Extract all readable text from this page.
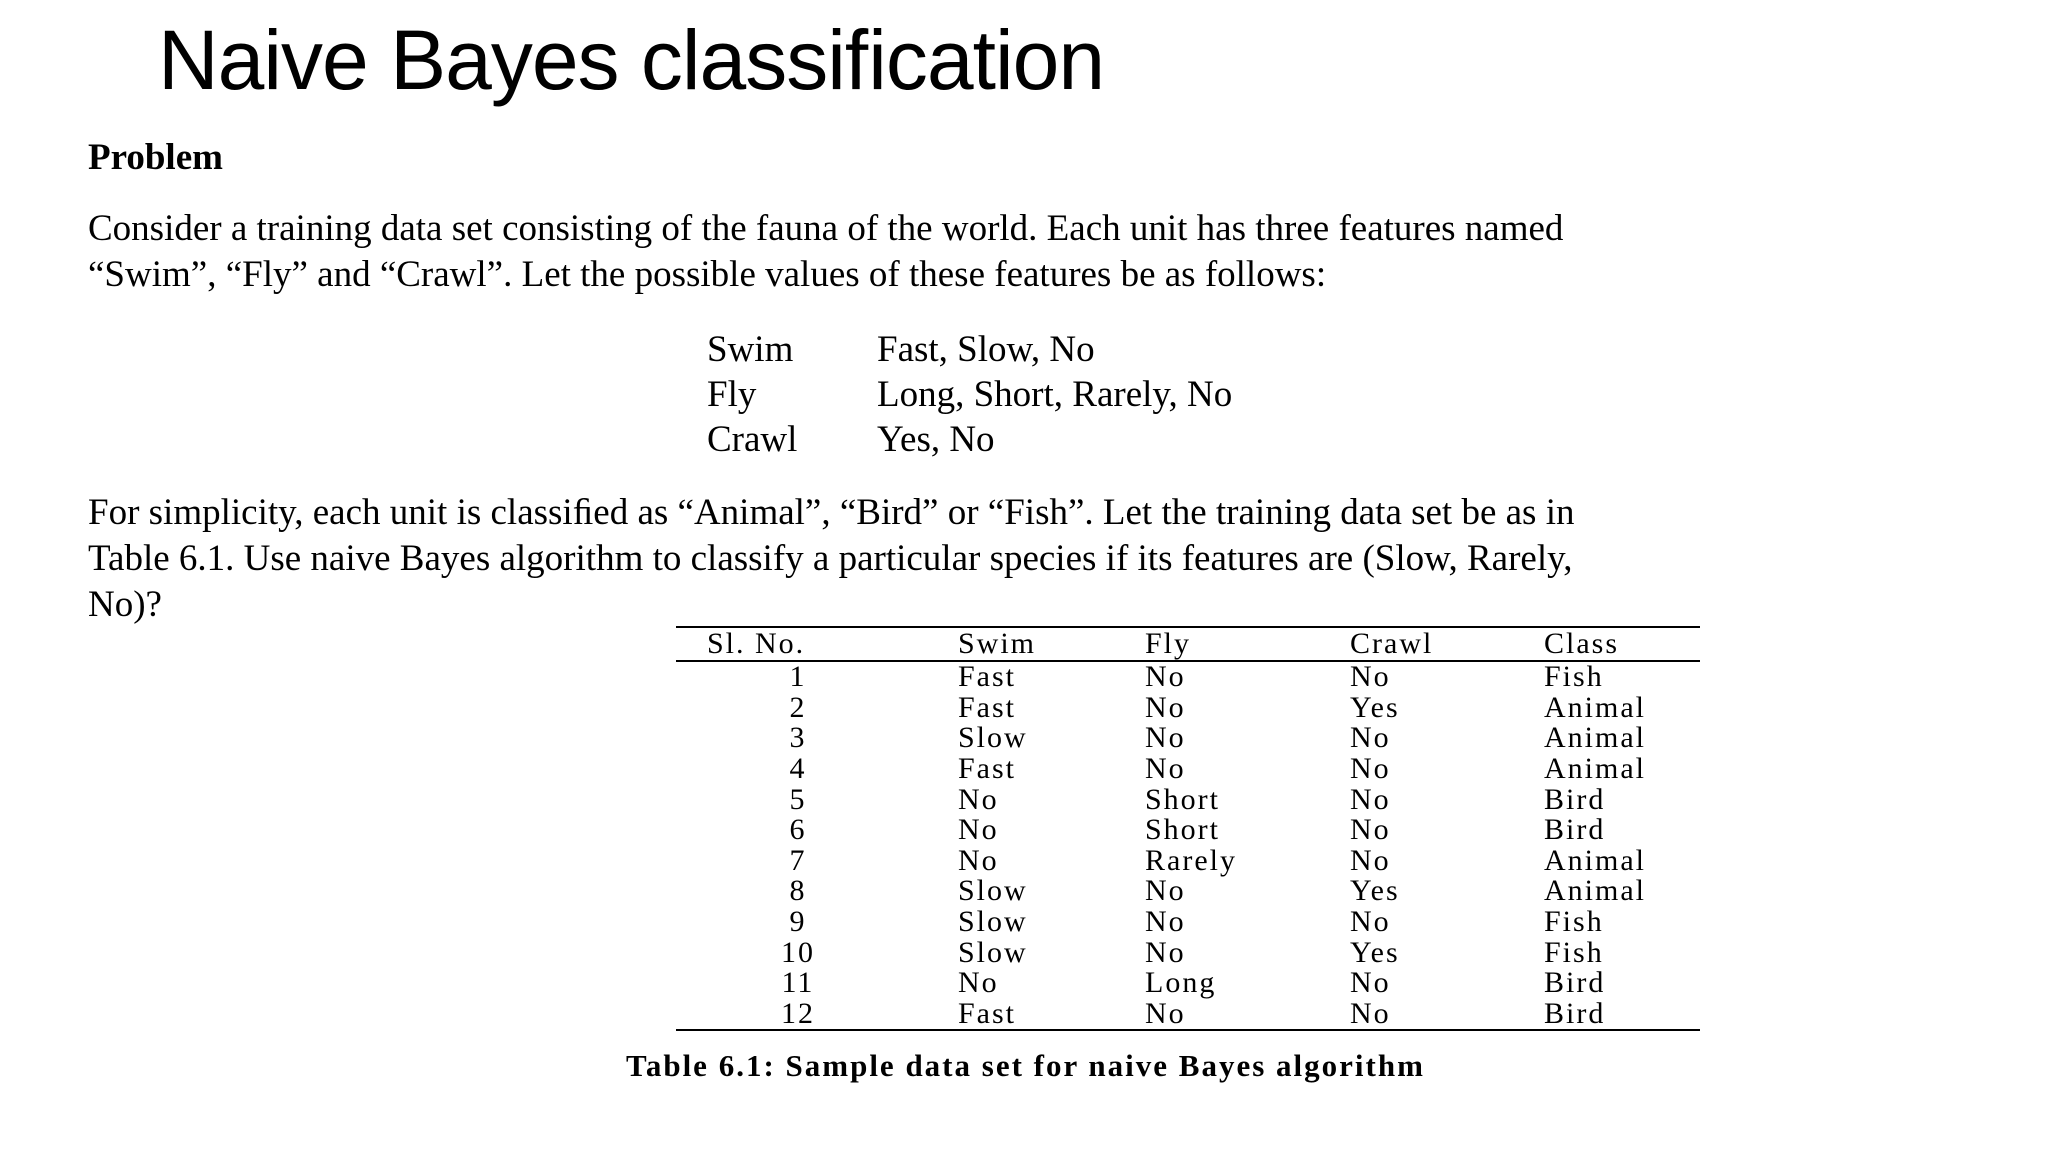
Naive Bayes classiﬁcation
Problem
Consider a training data set consisting of the fauna of the world. Each unit has three features named
“Swim”, “Fly” and “Crawl”. Let the possible values of these features be as follows:
Swim	Fast, Slow, No
Fly	Long, Short, Rarely, No
Crawl	Yes, No
For simplicity, each unit is classiﬁed as “Animal”, “Bird” or “Fish”. Let the training data set be as in
Table 6.1. Use naive Bayes algorithm to classify a particular species if its features are (Slow, Rarely,
No)?
Sl. No.	Swim	Fly	Crawl	Class
1	Fast	No	No	Fish
2	Fast	No	Yes	Animal
3	Slow	No	No	Animal
4	Fast	No	No	Animal
5	No	Short	No	Bird
6	No	Short	No	Bird
7	No	Rarely	No	Animal
8	Slow	No	Yes	Animal
9	Slow	No	No	Fish
10	Slow	No	Yes	Fish
11	No	Long	No	Bird
12	Fast	No	No	Bird
Table 6.1: Sample data set for naive Bayes algorithm
